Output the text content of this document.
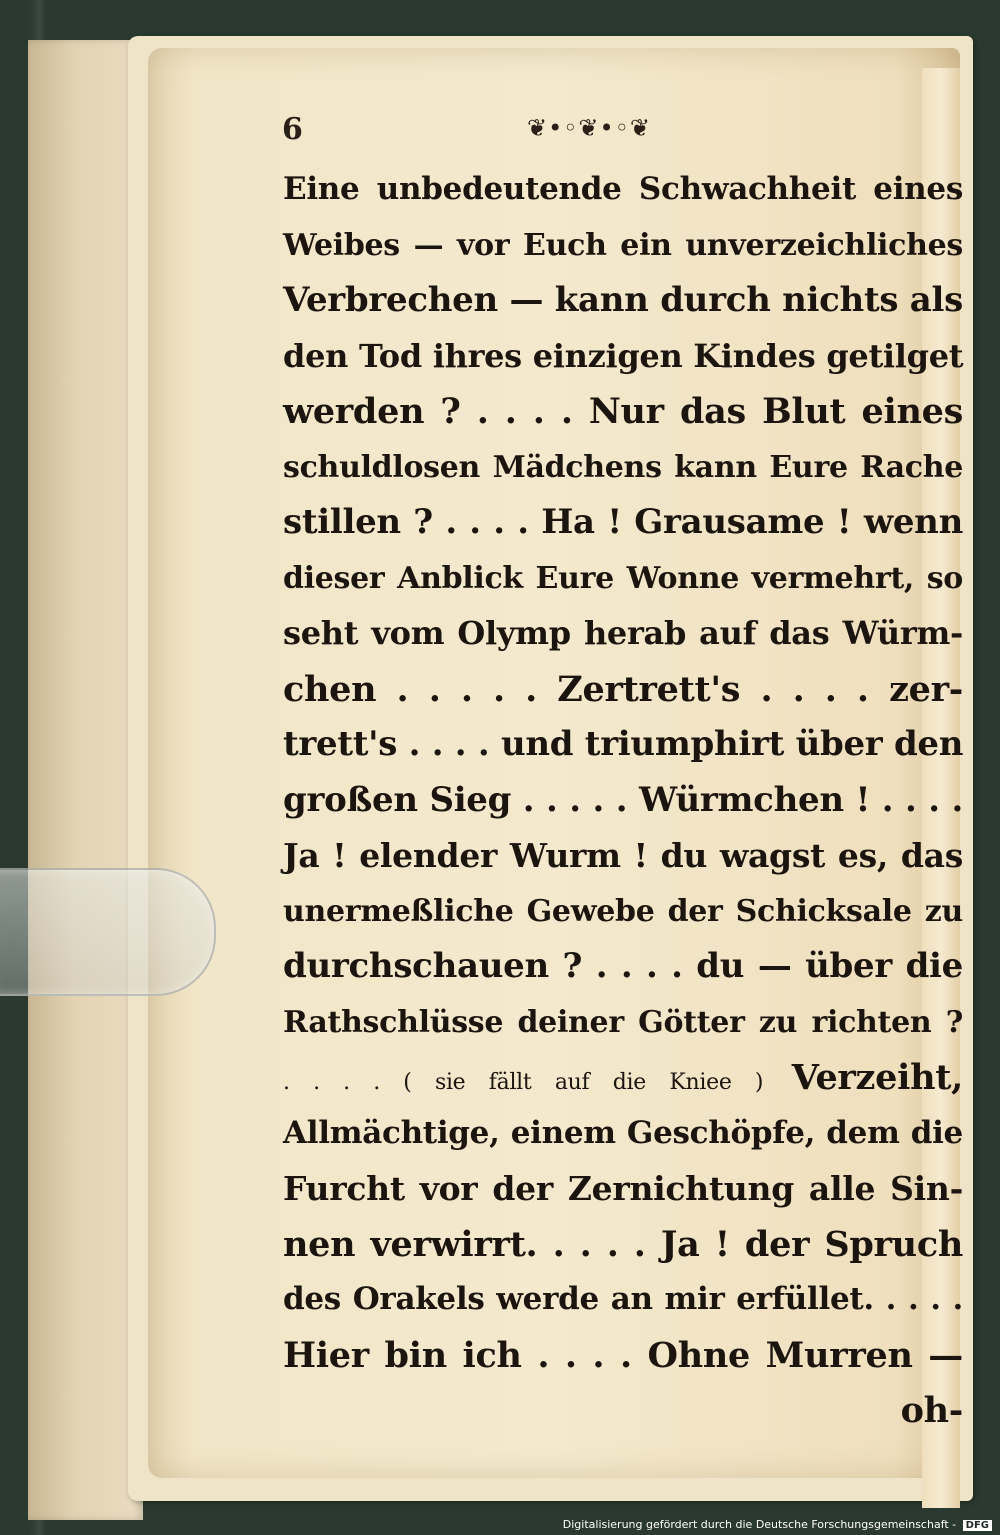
6	❦•◦❦•◦❦
Eine unbedeutende Schwachheit eines
Weibes — vor Euch ein unverzeichliches
Verbrechen — kann durch nichts als
den Tod ihres einzigen Kindes getilget
werden ? . . . . Nur das Blut eines
schuldlosen Mädchens kann Eure Rache
stillen ? . . . . Ha ! Grausame ! wenn
dieser Anblick Eure Wonne vermehrt, so
seht vom Olymp herab auf das Würm-
chen . . . . . Zertrett's . . . . zer-
trett's . . . . und triumphirt über den
großen Sieg . . . . . Würmchen ! . . . .
Ja ! elender Wurm ! du wagst es, das
unermeßliche Gewebe der Schicksale zu
durchschauen ? . . . . du — über die
Rathschlüsse deiner Götter zu richten ?
. . . . ( sie fällt auf die Kniee ) Verzeiht,
Allmächtige, einem Geschöpfe, dem die
Furcht vor der Zernichtung alle Sin-
nen verwirrt. . . . . Ja ! der Spruch
des Orakels werde an mir erfüllet. . . . .
Hier bin ich . . . . Ohne Murren —
oh-
Digitalisierung gefördert durch die Deutsche Forschungsgemeinschaft - DFG
